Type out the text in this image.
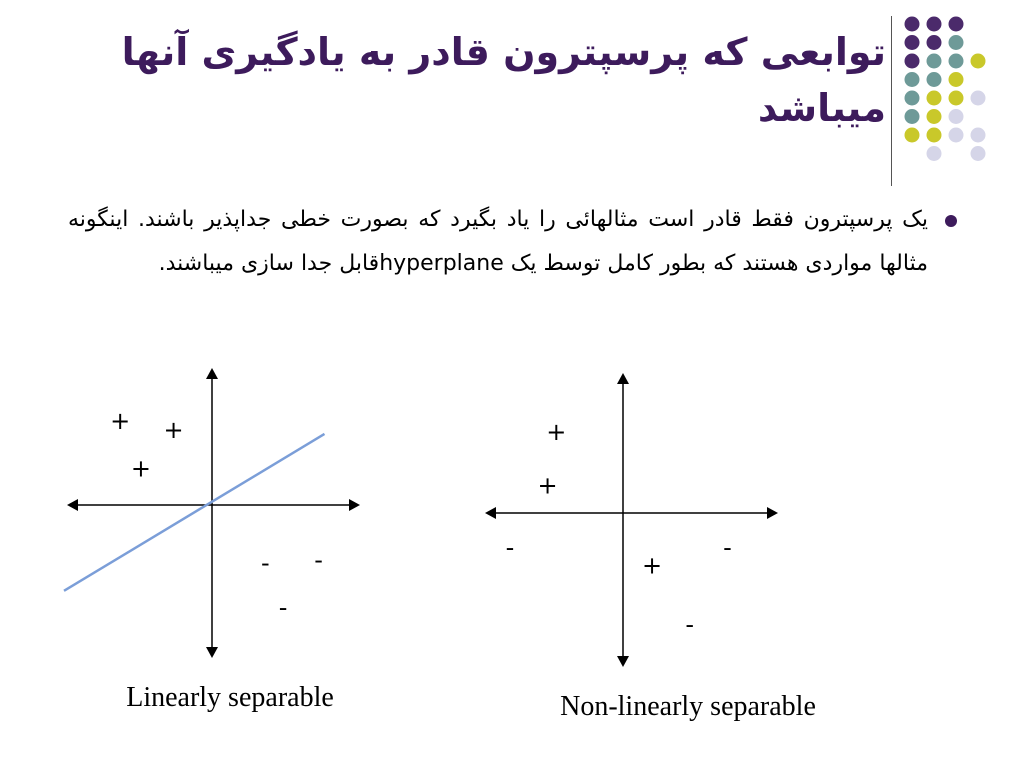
توابعی که پرسپترون قادر به یادگیری آنها میباشد
یک پرسپترون فقط قادر است مثالهائی را یاد بگیرد که بصورت خطی جداپذیر باشند. اینگونه مثالها مواردی هستند که بطور کامل توسط یک hyperplaneقابل جدا سازی میباشند.
+ +
+
- -
-
Linearly separable
+
+
-	-
+
-
Non-linearly separable
